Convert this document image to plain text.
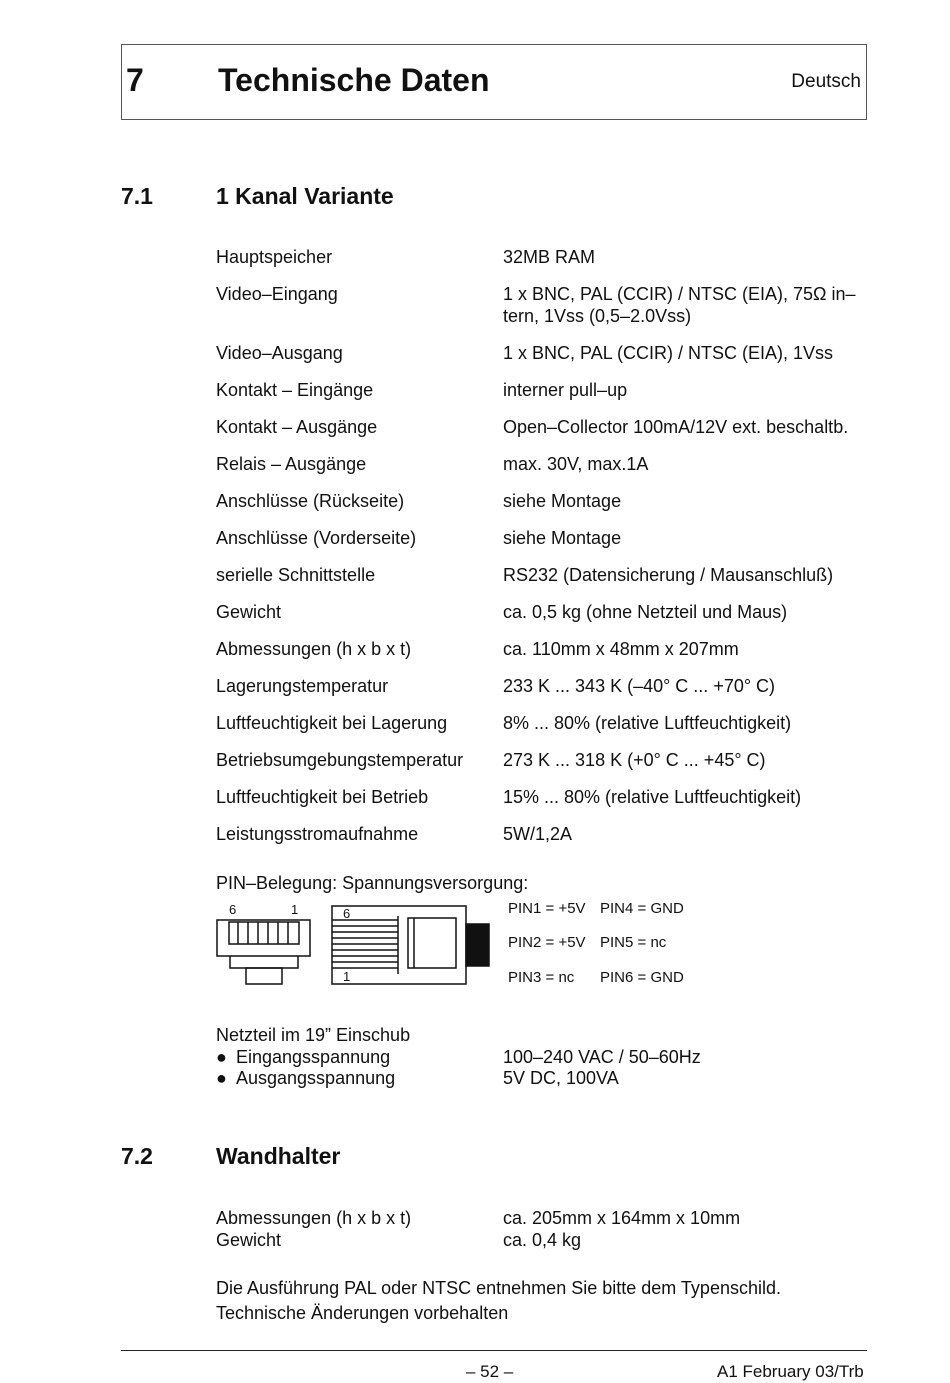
7 Technische Daten	Deutsch
7.1	1 Kanal Variante
Hauptspeicher	32MB RAM
Video–Eingang	1 x BNC, PAL (CCIR) / NTSC (EIA), 75Ω in–tern, 1Vss (0,5–2.0Vss)
Video–Ausgang	1 x BNC, PAL (CCIR) / NTSC (EIA), 1Vss
Kontakt – Eingänge	interner pull–up
Kontakt – Ausgänge	Open–Collector 100mA/12V ext. beschaltb.
Relais – Ausgänge	max. 30V, max.1A
Anschlüsse (Rückseite)	siehe Montage
Anschlüsse (Vorderseite)	siehe Montage
serielle Schnittstelle	RS232 (Datensicherung / Mausanschluß)
Gewicht	ca. 0,5 kg (ohne Netzteil und Maus)
Abmessungen (h x b x t)	ca. 110mm x 48mm x 207mm
Lagerungstemperatur	233 K ... 343 K (–40° C ... +70° C)
Luftfeuchtigkeit bei Lagerung	8% ... 80% (relative Luftfeuchtigkeit)
Betriebsumgebungstemperatur	273 K ... 318 K (+0° C ... +45° C)
Luftfeuchtigkeit bei Betrieb	15% ... 80% (relative Luftfeuchtigkeit)
Leistungsstromaufnahme	5W/1,2A
PIN–Belegung: Spannungsversorgung:
6	1	6
1
PIN1 = +5V PIN4 = GND
PIN2 = +5V PIN5 = nc
PIN3 = nc PIN6 = GND
Netzteil im 19” Einschub
● Eingangsspannung	100–240 VAC / 50–60Hz
● Ausgangsspannung	5V DC, 100VA
7.2	Wandhalter
Abmessungen (h x b x t)	ca. 205mm x 164mm x 10mm
Gewicht	ca. 0,4 kg
Die Ausführung PAL oder NTSC entnehmen Sie bitte dem Typenschild.
Technische Änderungen vorbehalten
– 52 –	A1 February 03/Trb
